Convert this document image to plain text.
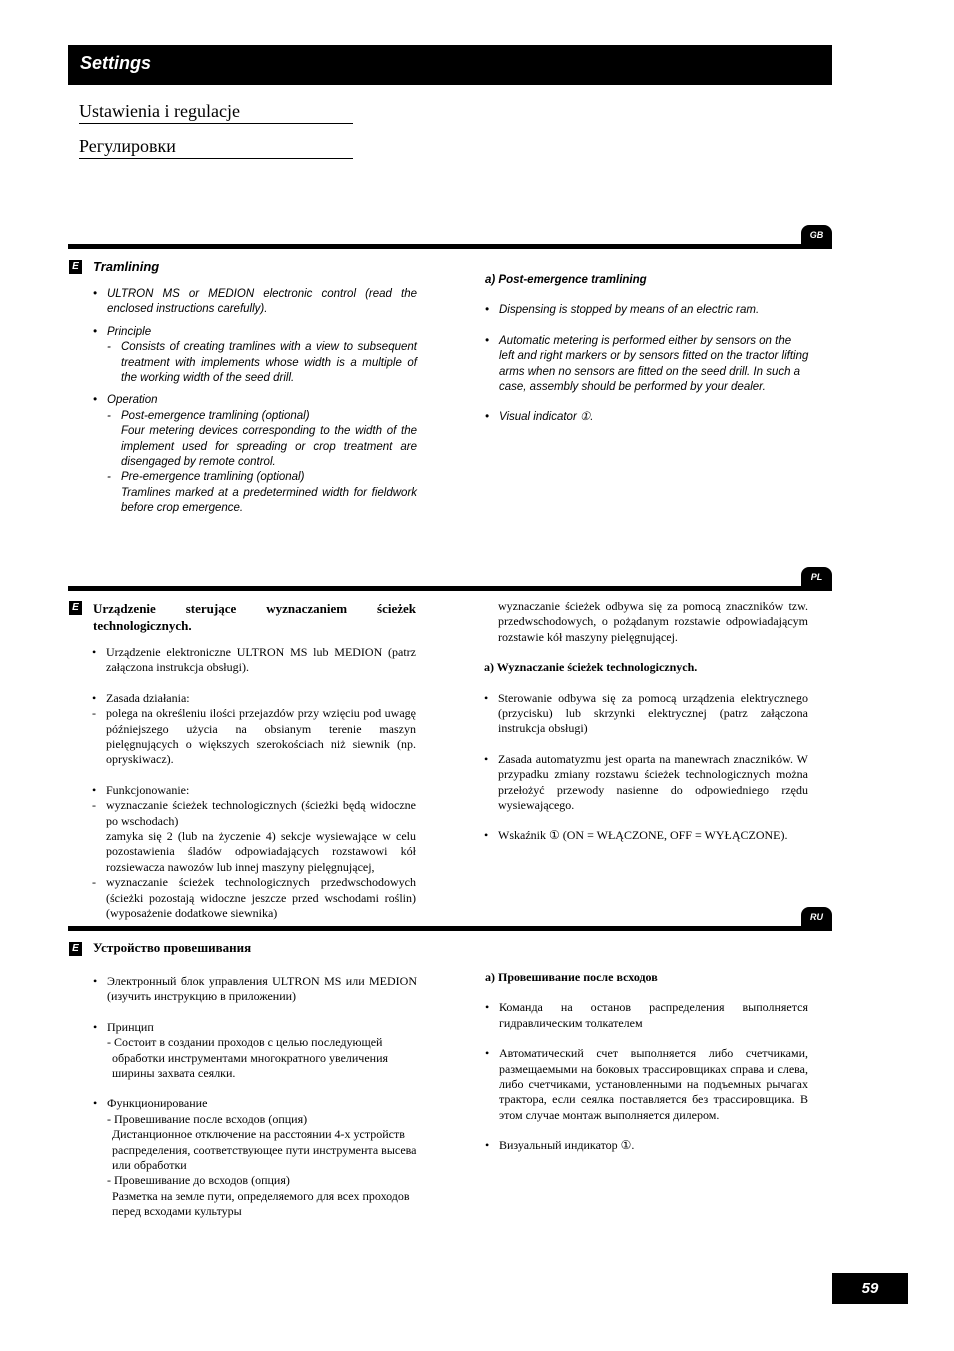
Settings
Ustawienia i regulacje
Регулировки
GB
E Tramlining
• ULTRON MS or MEDION electronic control (read the enclosed instructions carefully).
• Principle
- Consists of creating tramlines with a view to subsequent treatment with implements whose width is a multiple of the working width of the seed drill.
• Operation
- Post-emergence tramlining (optional)
Four metering devices corresponding to the width of the implement used for spreading or crop treatment are disengaged by remote control.
- Pre-emergence tramlining (optional)
Tramlines marked at a predetermined width for fieldwork before crop emergence.
a) Post-emergence tramlining
• Dispensing is stopped by means of an electric ram.
• Automatic metering is performed either by sensors on the left and right markers or by sensors fitted on the tractor lifting arms when no sensors are fitted on the seed drill. In such a case, assembly should be performed by your dealer.
• Visual indicator ①.
PL
E Urządzenie sterujące wyznaczaniem ścieżek technologicznych.
• Urządzenie elektroniczne ULTRON MS lub MEDION (patrz załączona instrukcja obsługi).
• Zasada działania:
- polega na określeniu ilości przejazdów przy wzięciu pod uwagę późniejszego użycia na obsianym terenie maszyn pielęgnujących o większych szerokościach niż siewnik (np. opryskiwacz).
• Funkcjonowanie:
- wyznaczanie ścieżek technologicznych (ścieżki będą widoczne po wschodach)
zamyka się 2 (lub na życzenie 4) sekcje wysiewające w celu pozostawienia śladów odpowiadających rozstawowi kół rozsiewacza nawozów lub innej maszyny pielęgnującej,
- wyznaczanie ścieżek technologicznych przedwschodowych (ścieżki pozostają widoczne jeszcze przed wschodami roślin) (wyposażenie dodatkowe siewnika)
wyznaczanie ścieżek odbywa się za pomocą znaczników tzw. przedwschodowych, o pożądanym rozstawie odpowiadającym rozstawie kół maszyny pielęgnującej.
a) Wyznaczanie ścieżek technologicznych.
• Sterowanie odbywa się za pomocą urządzenia elektrycznego (przycisku) lub skrzynki elektrycznej (patrz załączona instrukcja obsługi)
• Zasada automatyzmu jest oparta na manewrach znaczników. W przypadku zmiany rozstawu ścieżek technologicznych można przełożyć przewody nasienne do odpowiedniego rzędu wysiewającego.
• Wskaźnik ① (ON = WŁĄCZONE, OFF = WYŁĄCZONE).
RU
E Устройство провешивания
• Электронный блок управления ULTRON MS или MEDION (изучить инструкцию в приложении)
• Принцип
- Состоит в создании проходов с целью последующей обработки инструментами многократного увеличения ширины захвата сеялки.
• Функционирование
- Провешивание после всходов (опция)
Дистанционное отключение на расстоянии 4-х устройств распределения, соответствующее пути инструмента высева или обработки
- Провешивание до всходов (опция)
Разметка на земле пути, определяемого для всех проходов перед всходами культуры
a) Провешивание после всходов
• Команда на останов распределения выполняется гидравлическим толкателем
• Автоматический счет выполняется либо счетчиками, размещаемыми на боковых трассировщиках справа и слева, либо счетчиками, установленными на подъемных рычагах трактора, если сеялка поставляется без трассировщика. В этом случае монтаж выполняется дилером.
• Визуальный индикатор ①.
59
